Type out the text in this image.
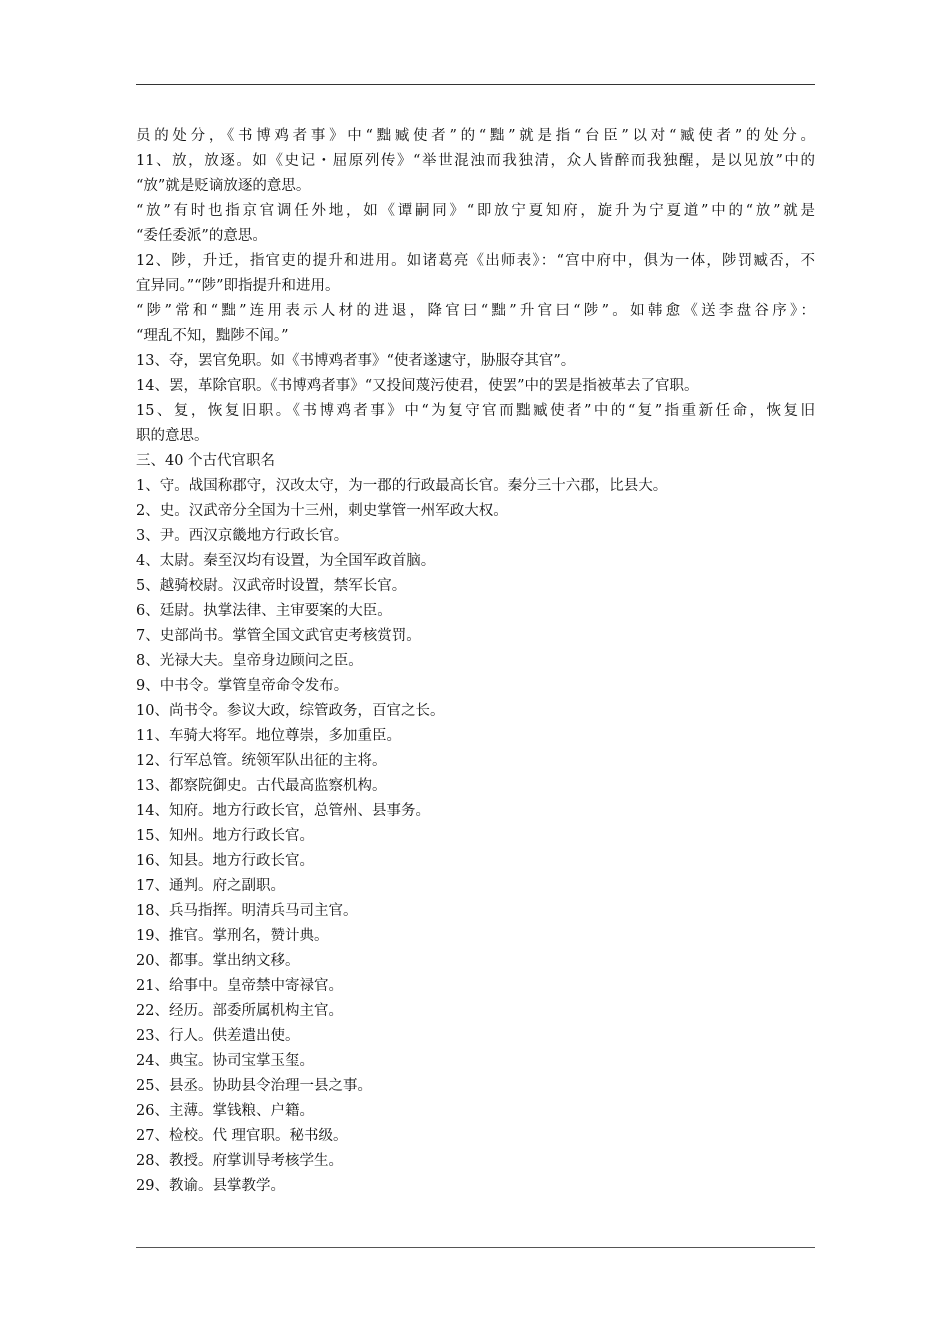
员的处分，《书博鸡者事》中“黜臧使者”的“黜”就是指“台臣”以对“臧使者”的处分。
11、放，放逐。如《史记・屈原列传》“举世混浊而我独清，众人皆醉而我独醒，是以见放”中的
“放”就是贬谪放逐的意思。
“放”有时也指京官调任外地，如《谭嗣同》“即放宁夏知府，旋升为宁夏道”中的“放”就是
“委任委派”的意思。
12、陟，升迁，指官吏的提升和进用。如诸葛亮《出师表》：“宫中府中，俱为一体，陟罚臧否，不
宜异同。”“陟”即指提升和进用。
“陟”常和“黜”连用表示人材的进退，降官曰“黜”升官曰“陟”。如韩愈《送李盘谷序》：
“理乱不知，黜陟不闻。”
13、夺，罢官免职。如《书博鸡者事》“使者遂逮守，胁服夺其官”。
14、罢，革除官职。《书博鸡者事》“又投间蔑污使君，使罢”中的罢是指被革去了官职。
15、复，恢复旧职。《书博鸡者事》中“为复守官而黜臧使者”中的“复”指重新任命，恢复旧
职的意思。
三、40 个古代官职名
1、守。战国称郡守，汉改太守，为一郡的行政最高长官。秦分三十六郡，比县大。
2、史。汉武帝分全国为十三州，刺史掌管一州军政大权。
3、尹。西汉京畿地方行政长官。
4、太尉。秦至汉均有设置，为全国军政首脑。
5、越骑校尉。汉武帝时设置，禁军长官。
6、廷尉。执掌法律、主审要案的大臣。
7、史部尚书。掌管全国文武官吏考核赏罚。
8、光禄大夫。皇帝身边顾问之臣。
9、中书令。掌管皇帝命令发布。
10、尚书令。参议大政，综管政务，百官之长。
11、车骑大将军。地位尊崇，多加重臣。
12、行军总管。统领军队出征的主将。
13、都察院御史。古代最高监察机构。
14、知府。地方行政长官，总管州、县事务。
15、知州。地方行政长官。
16、知县。地方行政长官。
17、通判。府之副职。
18、兵马指挥。明清兵马司主官。
19、推官。掌刑名，赞计典。
20、都事。掌出纳文移。
21、给事中。皇帝禁中寄禄官。
22、经历。部委所属机构主官。
23、行人。供差遣出使。
24、典宝。协司宝掌玉玺。
25、县丞。协助县令治理一县之事。
26、主薄。掌钱粮、户籍。
27、检校。代 理官职。秘书级。
28、教授。府掌训导考核学生。
29、教谕。县掌教学。
